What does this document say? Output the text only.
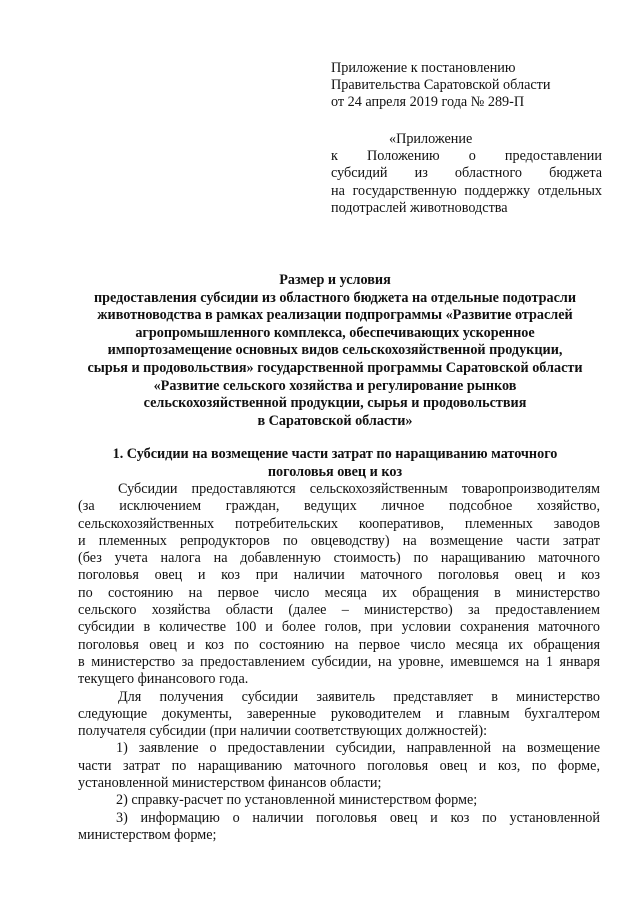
Приложение к постановлению
Правительства Саратовской области
от 24 апреля 2019 года № 289-П
«Приложение
к Положению о предоставлении
субсидий из областного бюджета
на государственную поддержку отдельных
подотраслей животноводства
Размер и условия
предоставления субсидии из областного бюджета на отдельные подотрасли
животноводства в рамках реализации подпрограммы «Развитие отраслей
агропромышленного комплекса, обеспечивающих ускоренное
импортозамещение основных видов сельскохозяйственной продукции,
сырья и продовольствия» государственной программы Саратовской области
«Развитие сельского хозяйства и регулирование рынков
сельскохозяйственной продукции, сырья и продовольствия
в Саратовской области»
1. Субсидии на возмещение части затрат по наращиванию маточного
поголовья овец и коз
Субсидии предоставляются сельскохозяйственным товаропроизводителям
(за исключением граждан, ведущих личное подсобное хозяйство,
сельскохозяйственных потребительских кооперативов, племенных заводов
и племенных репродукторов по овцеводству) на возмещение части затрат
(без учета налога на добавленную стоимость) по наращиванию маточного
поголовья овец и коз при наличии маточного поголовья овец и коз
по состоянию на первое число месяца их обращения в министерство
сельского хозяйства области (далее – министерство) за предоставлением
субсидии в количестве 100 и более голов, при условии сохранения маточного
поголовья овец и коз по состоянию на первое число месяца их обращения
в министерство за предоставлением субсидии, на уровне, имевшемся на 1 января
текущего финансового года.
Для получения субсидии заявитель представляет в министерство
следующие документы, заверенные руководителем и главным бухгалтером
получателя субсидии (при наличии соответствующих должностей):
1) заявление о предоставлении субсидии, направленной на возмещение
части затрат по наращиванию маточного поголовья овец и коз, по форме,
установленной министерством финансов области;
2) справку-расчет по установленной министерством форме;
3) информацию о наличии поголовья овец и коз по установленной
министерством форме;
